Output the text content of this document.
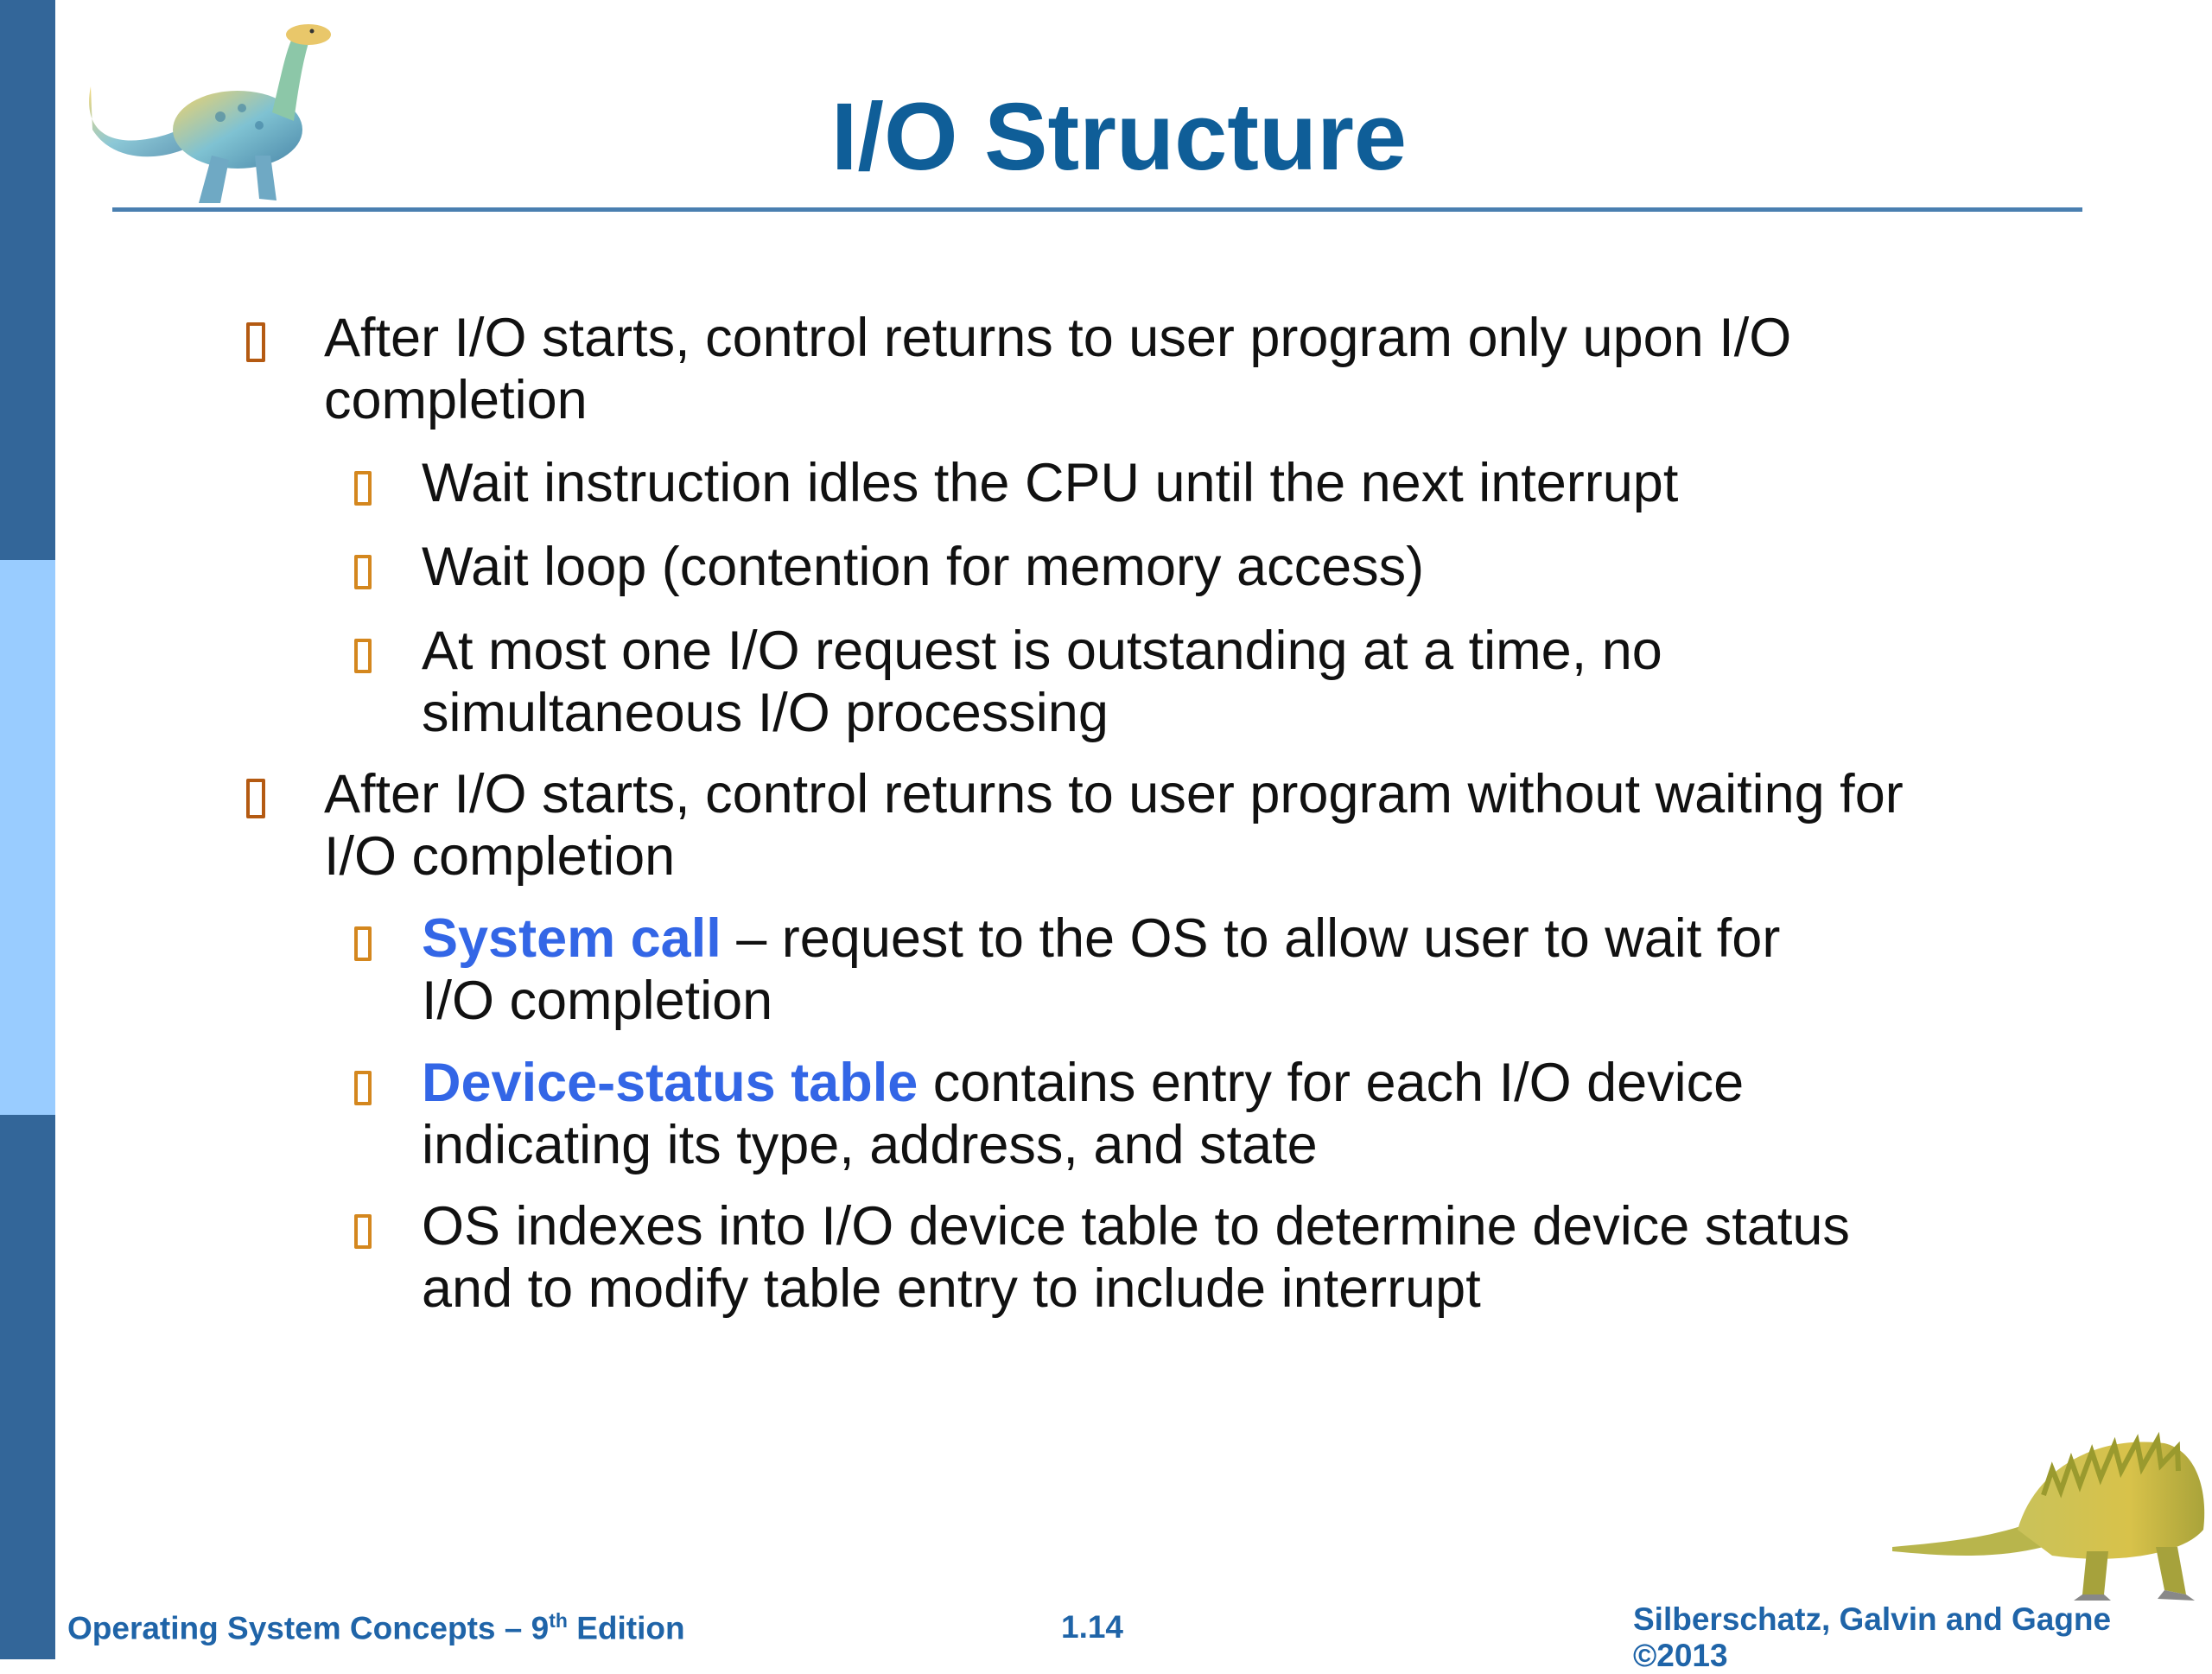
I/O Structure
After I/O starts, control returns to user program only upon I/O completion
Wait instruction idles the CPU until the next interrupt
Wait loop (contention for memory access)
At most one I/O request is outstanding at a time, no simultaneous I/O processing
After I/O starts, control returns to user program without waiting for I/O completion
System call – request to the OS to allow user to wait for I/O completion
Device-status table contains entry for each I/O device indicating its type, address, and state
OS indexes into I/O device table to determine device status and to modify table entry to include interrupt
Operating System Concepts – 9th Edition	1.14	Silberschatz, Galvin and Gagne ©2013
